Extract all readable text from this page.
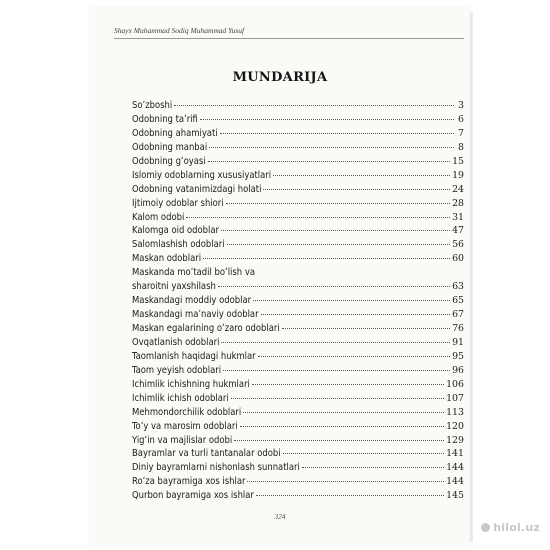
Shayx Muhammad Sodiq Muhammad Yusuf
MUNDARIJA
Soʼzboshi	3
Odobning taʼrifi	6
Odobning ahamiyati	7
Odobning manbai	8
Odobning gʻoyasi	15
Islomiy odoblarning xususiyatlari	19
Odobning vatanimizdagi holati	24
Ijtimoiy odoblar shiori	28
Kalom odobi	31
Kalomga oid odoblar	47
Salomlashish odoblari	56
Maskan odoblari	60
Maskanda moʼtadil boʻlish va
sharoitni yaxshilash	63
Maskandagi moddiy odoblar	65
Maskandagi maʼnaviy odoblar	67
Maskan egalarining oʻzaro odoblari	76
Ovqatlanish odoblari	91
Taomlanish haqidagi hukmlar	95
Taom yeyish odoblari	96
Ichimlik ichishning hukmlari	106
Ichimlik ichish odoblari	107
Mehmondorchilik odoblari	113
Toʻy va marosim odoblari	120
Yigʻin va majlislar odobi	129
Bayramlar va turli tantanalar odobi	141
Diniy bayramlarni nishonlash sunnatlari	144
Roʻza bayramiga xos ishlar	144
Qurbon bayramiga xos ishlar	145
324
hilol.uz
